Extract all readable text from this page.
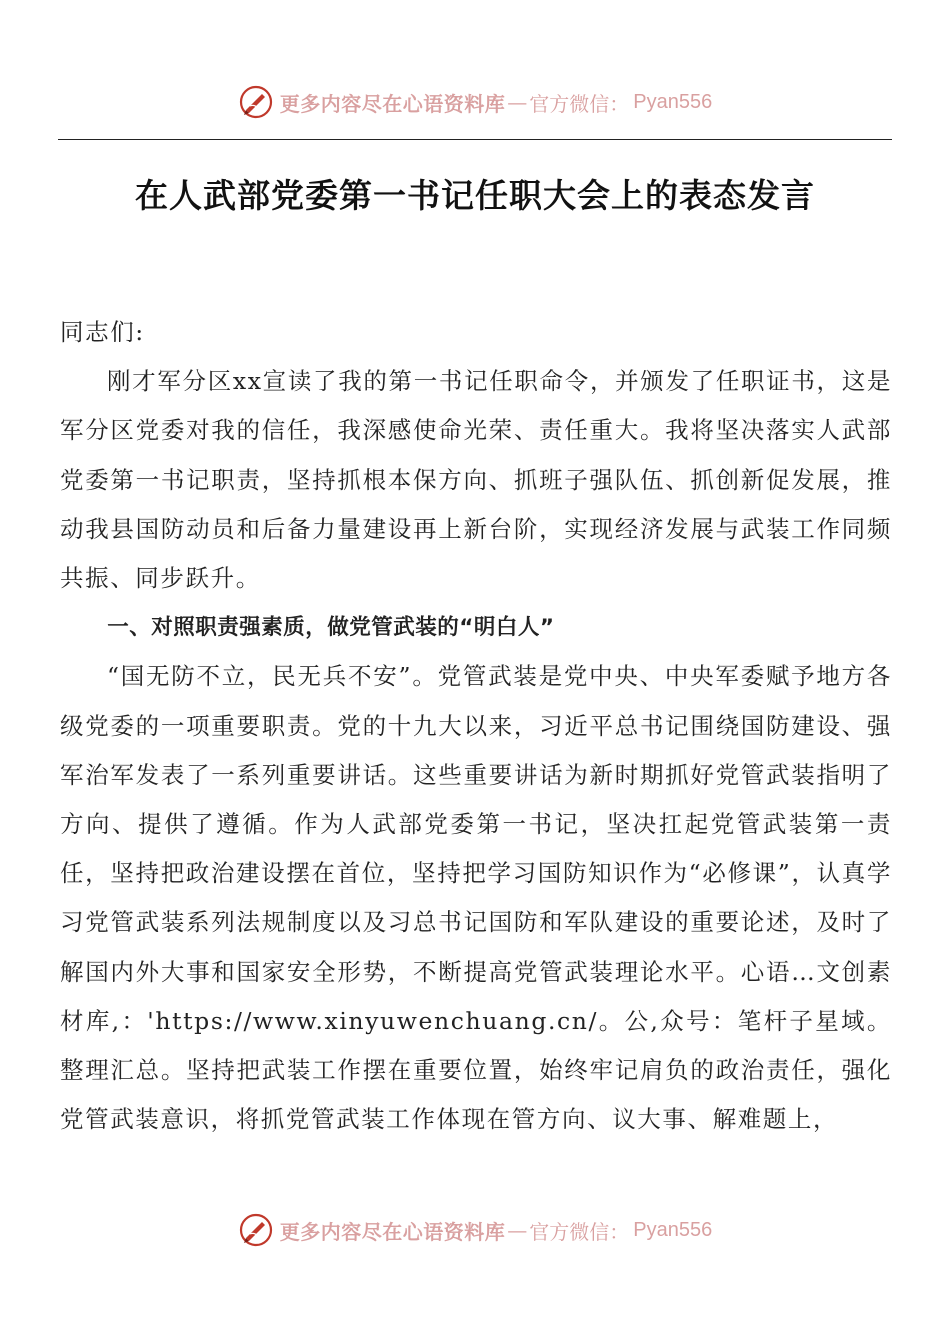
更多内容尽在心语资料库 — 官方微信： Pyan556
在人武部党委第一书记任职大会上的表态发言

同志们:

刚才军分区xx宣读了我的第一书记任职命令，并颁发了任职证书，这是军分区党委对我的信任，我深感使命光荣、责任重大。我将坚决落实人武部党委第一书记职责，坚持抓根本保方向、抓班子强队伍、抓创新促发展，推动我县国防动员和后备力量建设再上新台阶，实现经济发展与武装工作同频共振、同步跃升。

一、对照职责强素质，做党管武装的“明白人”

“国无防不立，民无兵不安”。党管武装是党中央、中央军委赋予地方各级党委的一项重要职责。党的十九大以来，习近平总书记围绕国防建设、强军治军发表了一系列重要讲话。这些重要讲话为新时期抓好党管武装指明了方向、提供了遵循。作为人武部党委第一书记，坚决扛起党管武装第一责任，坚持把政治建设摆在首位，坚持把学习国防知识作为“必修课”，认真学习党管武装系列法规制度以及习总书记国防和军队建设的重要论述，及时了解国内外大事和国家安全形势，不断提高党管武装理论水平。心语…文创素材库,：'https://www.xinyuwenchuang.cn/。公,众号：笔杆子星域。整理汇总。坚持把武装工作摆在重要位置，始终牢记肩负的政治责任，强化党管武装意识，将抓党管武装工作体现在管方向、议大事、解难题上，

更多内容尽在心语资料库 — 官方微信： Pyan556
